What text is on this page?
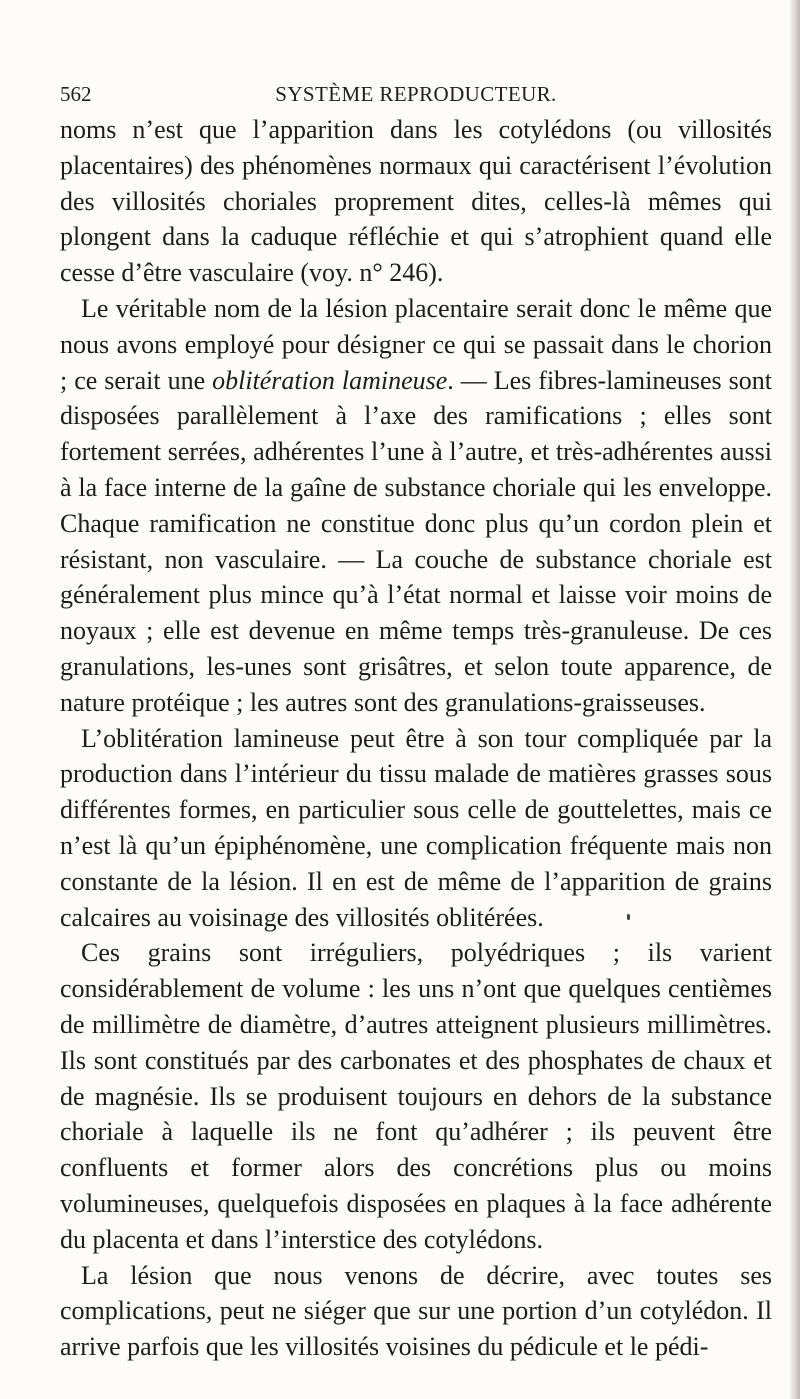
562	SYSTÈME REPRODUCTEUR.

noms n’est que l’apparition dans les cotylédons (ou villosités placentaires) des phénomènes normaux qui caractérisent l’évolution des villosités choriales proprement dites, celles-là mêmes qui plongent dans la caduque réfléchie et qui s’atrophient quand elle cesse d’être vasculaire (voy. n° 246).

Le véritable nom de la lésion placentaire serait donc le même que nous avons employé pour désigner ce qui se passait dans le chorion ; ce serait une oblitération lamineuse. — Les fibres-lamineuses sont disposées parallèlement à l’axe des ramifications ; elles sont fortement serrées, adhérentes l’une à l’autre, et très-adhérentes aussi à la face interne de la gaîne de substance choriale qui les enveloppe. Chaque ramification ne constitue donc plus qu’un cordon plein et résistant, non vasculaire. — La couche de substance choriale est généralement plus mince qu’à l’état normal et laisse voir moins de noyaux ; elle est devenue en même temps très-granuleuse. De ces granulations, les-unes sont grisâtres, et selon toute apparence, de nature protéique ; les autres sont des granulations-graisseuses.

L’oblitération lamineuse peut être à son tour compliquée par la production dans l’intérieur du tissu malade de matières grasses sous différentes formes, en particulier sous celle de gouttelettes, mais ce n’est là qu’un épiphénomène, une complication fréquente mais non constante de la lésion. Il en est de même de l’apparition de grains calcaires au voisinage des villosités oblitérées.

Ces grains sont irréguliers, polyédriques ; ils varient considérablement de volume : les uns n’ont que quelques centièmes de millimètre de diamètre, d’autres atteignent plusieurs millimètres. Ils sont constitués par des carbonates et des phosphates de chaux et de magnésie. Ils se produisent toujours en dehors de la substance choriale à laquelle ils ne font qu’adhérer ; ils peuvent être confluents et former alors des concrétions plus ou moins volumineuses, quelquefois disposées en plaques à la face adhérente du placenta et dans l’interstice des cotylédons.

La lésion que nous venons de décrire, avec toutes ses complications, peut ne siéger que sur une portion d’un cotylédon. Il arrive parfois que les villosités voisines du pédicule et le pédi-
